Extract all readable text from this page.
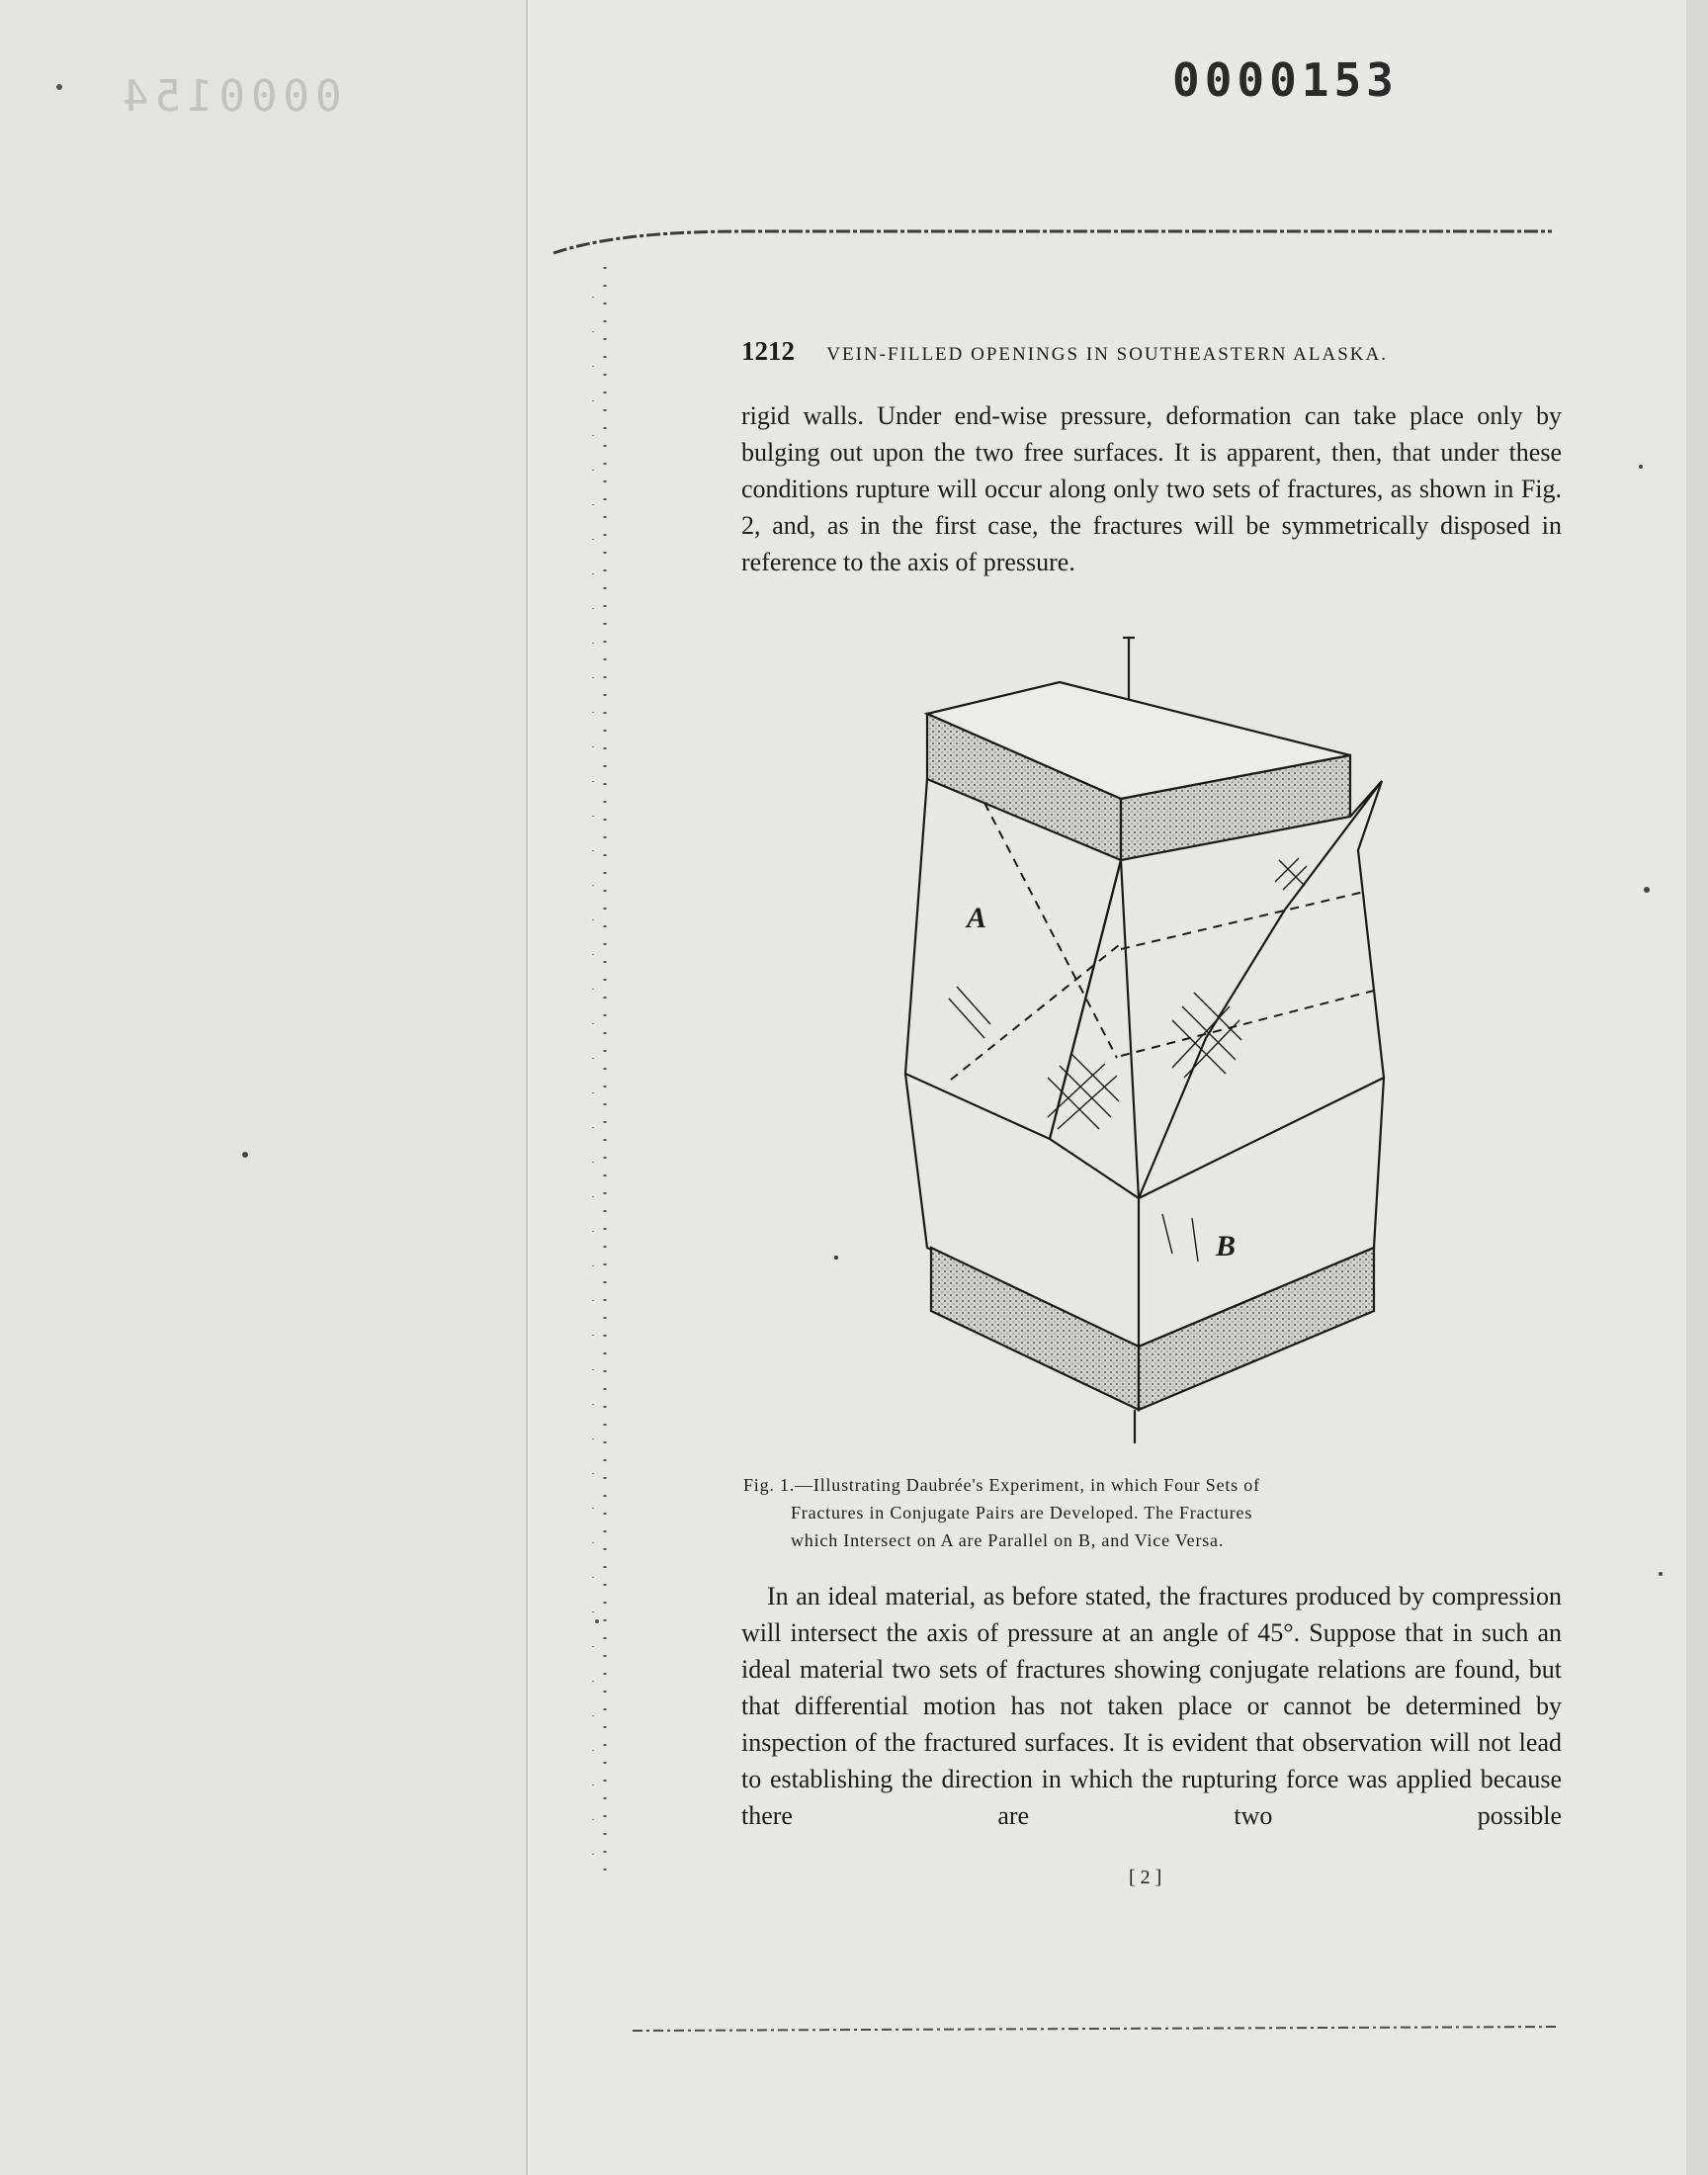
0000154	0000153
1212 VEIN-FILLED OPENINGS IN SOUTHEASTERN ALASKA.

rigid walls. Under end-wise pressure, deformation can take place only by bulging out upon the two free surfaces. It is apparent, then, that under these conditions rupture will occur along only two sets of fractures, as shown in Fig. 2, and, as in the first case, the fractures will be symmetrically disposed in reference to the axis of pressure.

A
B
Fig. 1.—Illustrating Daubrée's Experiment, in which Four Sets of
Fractures in Conjugate Pairs are Developed. The Fractures
which Intersect on A are Parallel on B, and Vice Versa.

In an ideal material, as before stated, the fractures produced by compression will intersect the axis of pressure at an angle of 45°. Suppose that in such an ideal material two sets of fractures showing conjugate relations are found, but that differential motion has not taken place or cannot be determined by inspection of the fractured surfaces. It is evident that observation will not lead to establishing the direction in which the rupturing force was applied because there are two possible

[ 2 ]
